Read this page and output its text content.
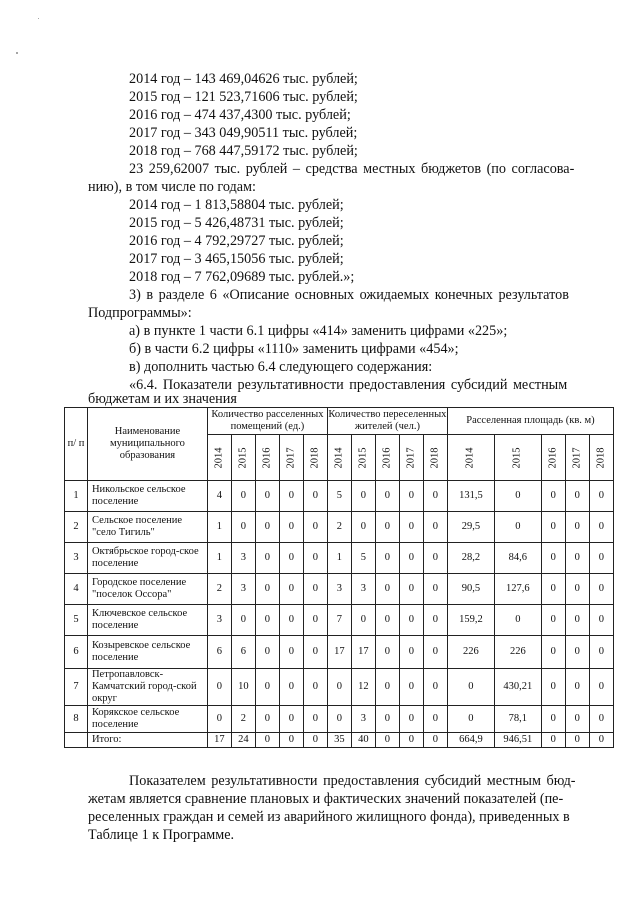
2014 год – 143 469,04626 тыс. рублей;
2015 год – 121 523,71606 тыс. рублей;
2016 год – 474 437,4300 тыс. рублей;
2017 год – 343 049,90511 тыс. рублей;
2018 год – 768 447,59172 тыс. рублей;
23 259,62007 тыс. рублей – средства местных бюджетов (по согласова-
нию), в том числе по годам:
2014 год – 1 813,58804 тыс. рублей;
2015 год – 5 426,48731 тыс. рублей;
2016 год – 4 792,29727 тыс. рублей;
2017 год – 3 465,15056 тыс. рублей;
2018 год – 7 762,09689 тыс. рублей.»;
3) в разделе 6 «Описание основных ожидаемых конечных результатов
Подпрограммы»:
а) в пункте 1 части 6.1 цифры «414» заменить цифрами «225»;
б) в части 6.2 цифры «1110» заменить цифрами «454»;
в) дополнить частью 6.4 следующего содержания:
«6.4. Показатели результативности предоставления субсидий местным
бюджетам и их значения
п/ п	Наименование муниципального образования	Количество расселенных помещений (ед.)					Количество переселенных жителей (чел.)					Расселенная площадь (кв. м)				
		2014	2015	2016	2017	2018	2014	2015	2016	2017	2018	2014	2015	2016	2017	2018
1	Никольское сельское поселение	4	0	0	0	0	5	0	0	0	0	131,5	0	0	0	0
2	Сельское поселение "село Тигиль"	1	0	0	0	0	2	0	0	0	0	29,5	0	0	0	0
3	Октябрьское город-ское поселение	1	3	0	0	0	1	5	0	0	0	28,2	84,6	0	0	0
4	Городское поселение "поселок Оссора"	2	3	0	0	0	3	3	0	0	0	90,5	127,6	0	0	0
5	Ключевское сельское поселение	3	0	0	0	0	7	0	0	0	0	159,2	0	0	0	0
6	Козыревское сельское поселение	6	6	0	0	0	17	17	0	0	0	226	226	0	0	0
7	Петропавловск-Камчатский город-ской округ	0	10	0	0	0	0	12	0	0	0	0	430,21	0	0	0
8	Корякское сельское поселение	0	2	0	0	0	0	3	0	0	0	0	78,1	0	0	0
	Итого:	17	24	0	0	0	35	40	0	0	0	664,9	946,51	0	0	0
Показателем результативности предоставления субсидий местным бюд-
жетам является сравнение плановых и фактических значений показателей (пе-
реселенных граждан и семей из аварийного жилищного фонда), приведенных в
Таблице 1 к Программе.
